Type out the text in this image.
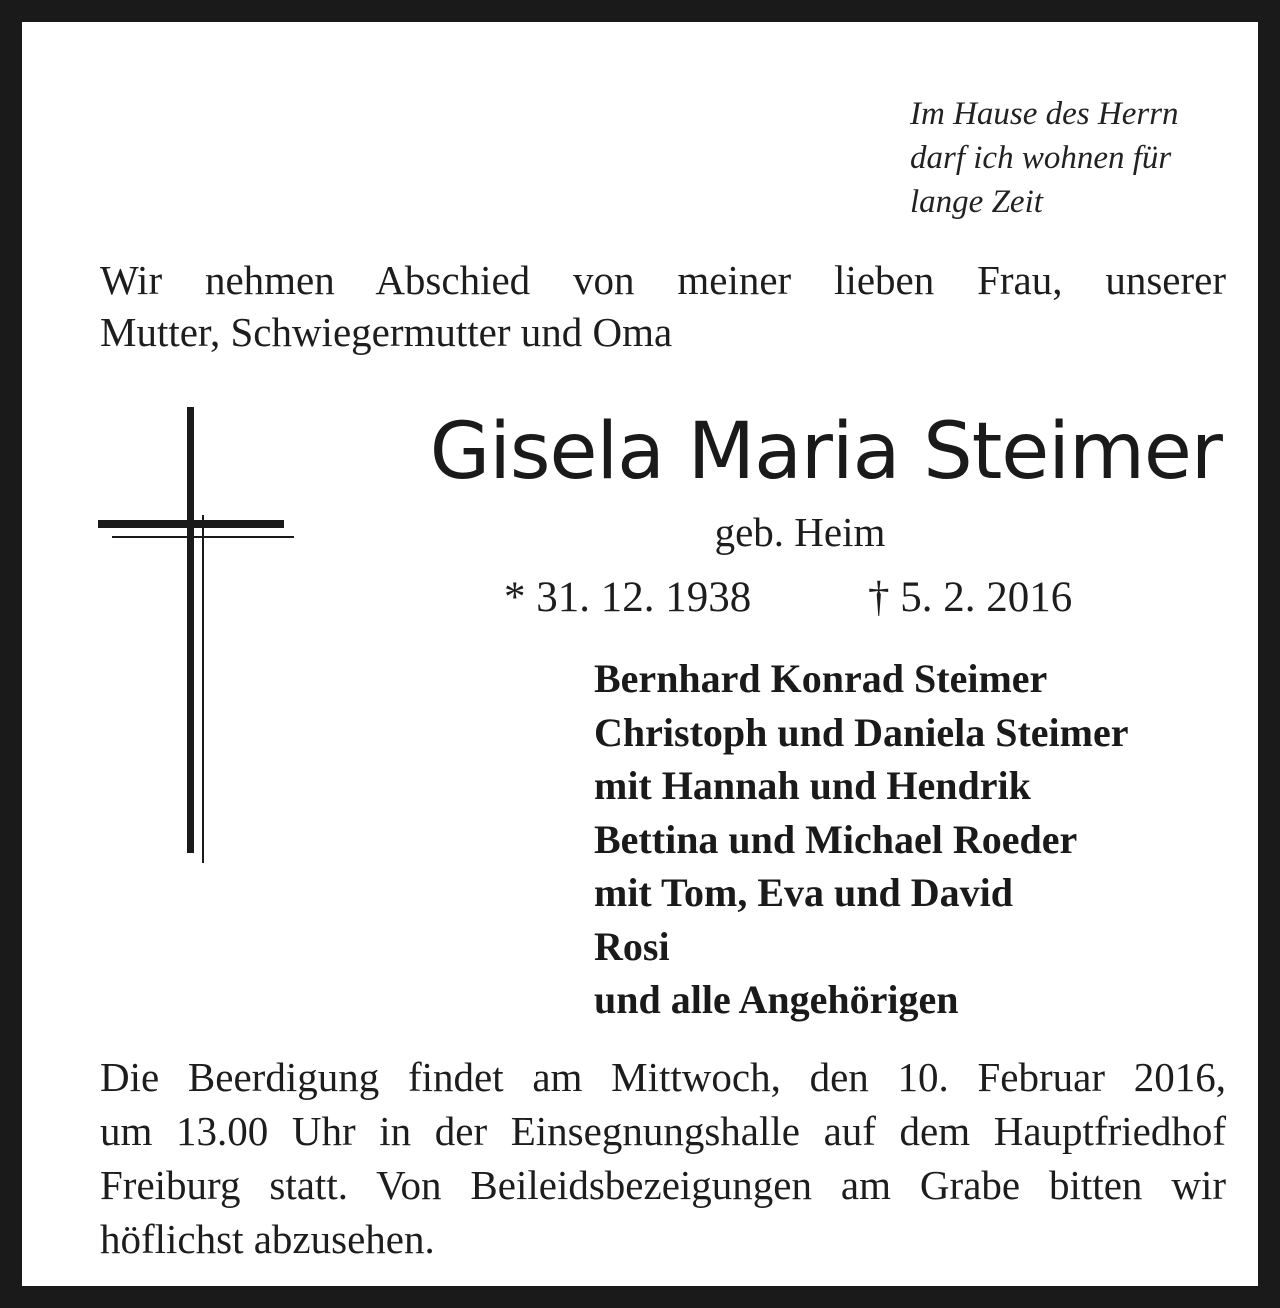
Im Hause des Herrn
darf ich wohnen für
lange Zeit
Wir nehmen Abschied von meiner lieben Frau, unserer
Mutter, Schwiegermutter und Oma
Gisela Maria Steimer
geb. Heim
* 31. 12. 1938	† 5. 2. 2016
Bernhard Konrad Steimer
Christoph und Daniela Steimer
mit Hannah und Hendrik
Bettina und Michael Roeder
mit Tom, Eva und David
Rosi
und alle Angehörigen
Die Beerdigung findet am Mittwoch, den 10. Februar 2016,
um 13.00 Uhr in der Einsegnungshalle auf dem Hauptfriedhof
Freiburg statt. Von Beileidsbezeigungen am Grabe bitten wir
höflichst abzusehen.
